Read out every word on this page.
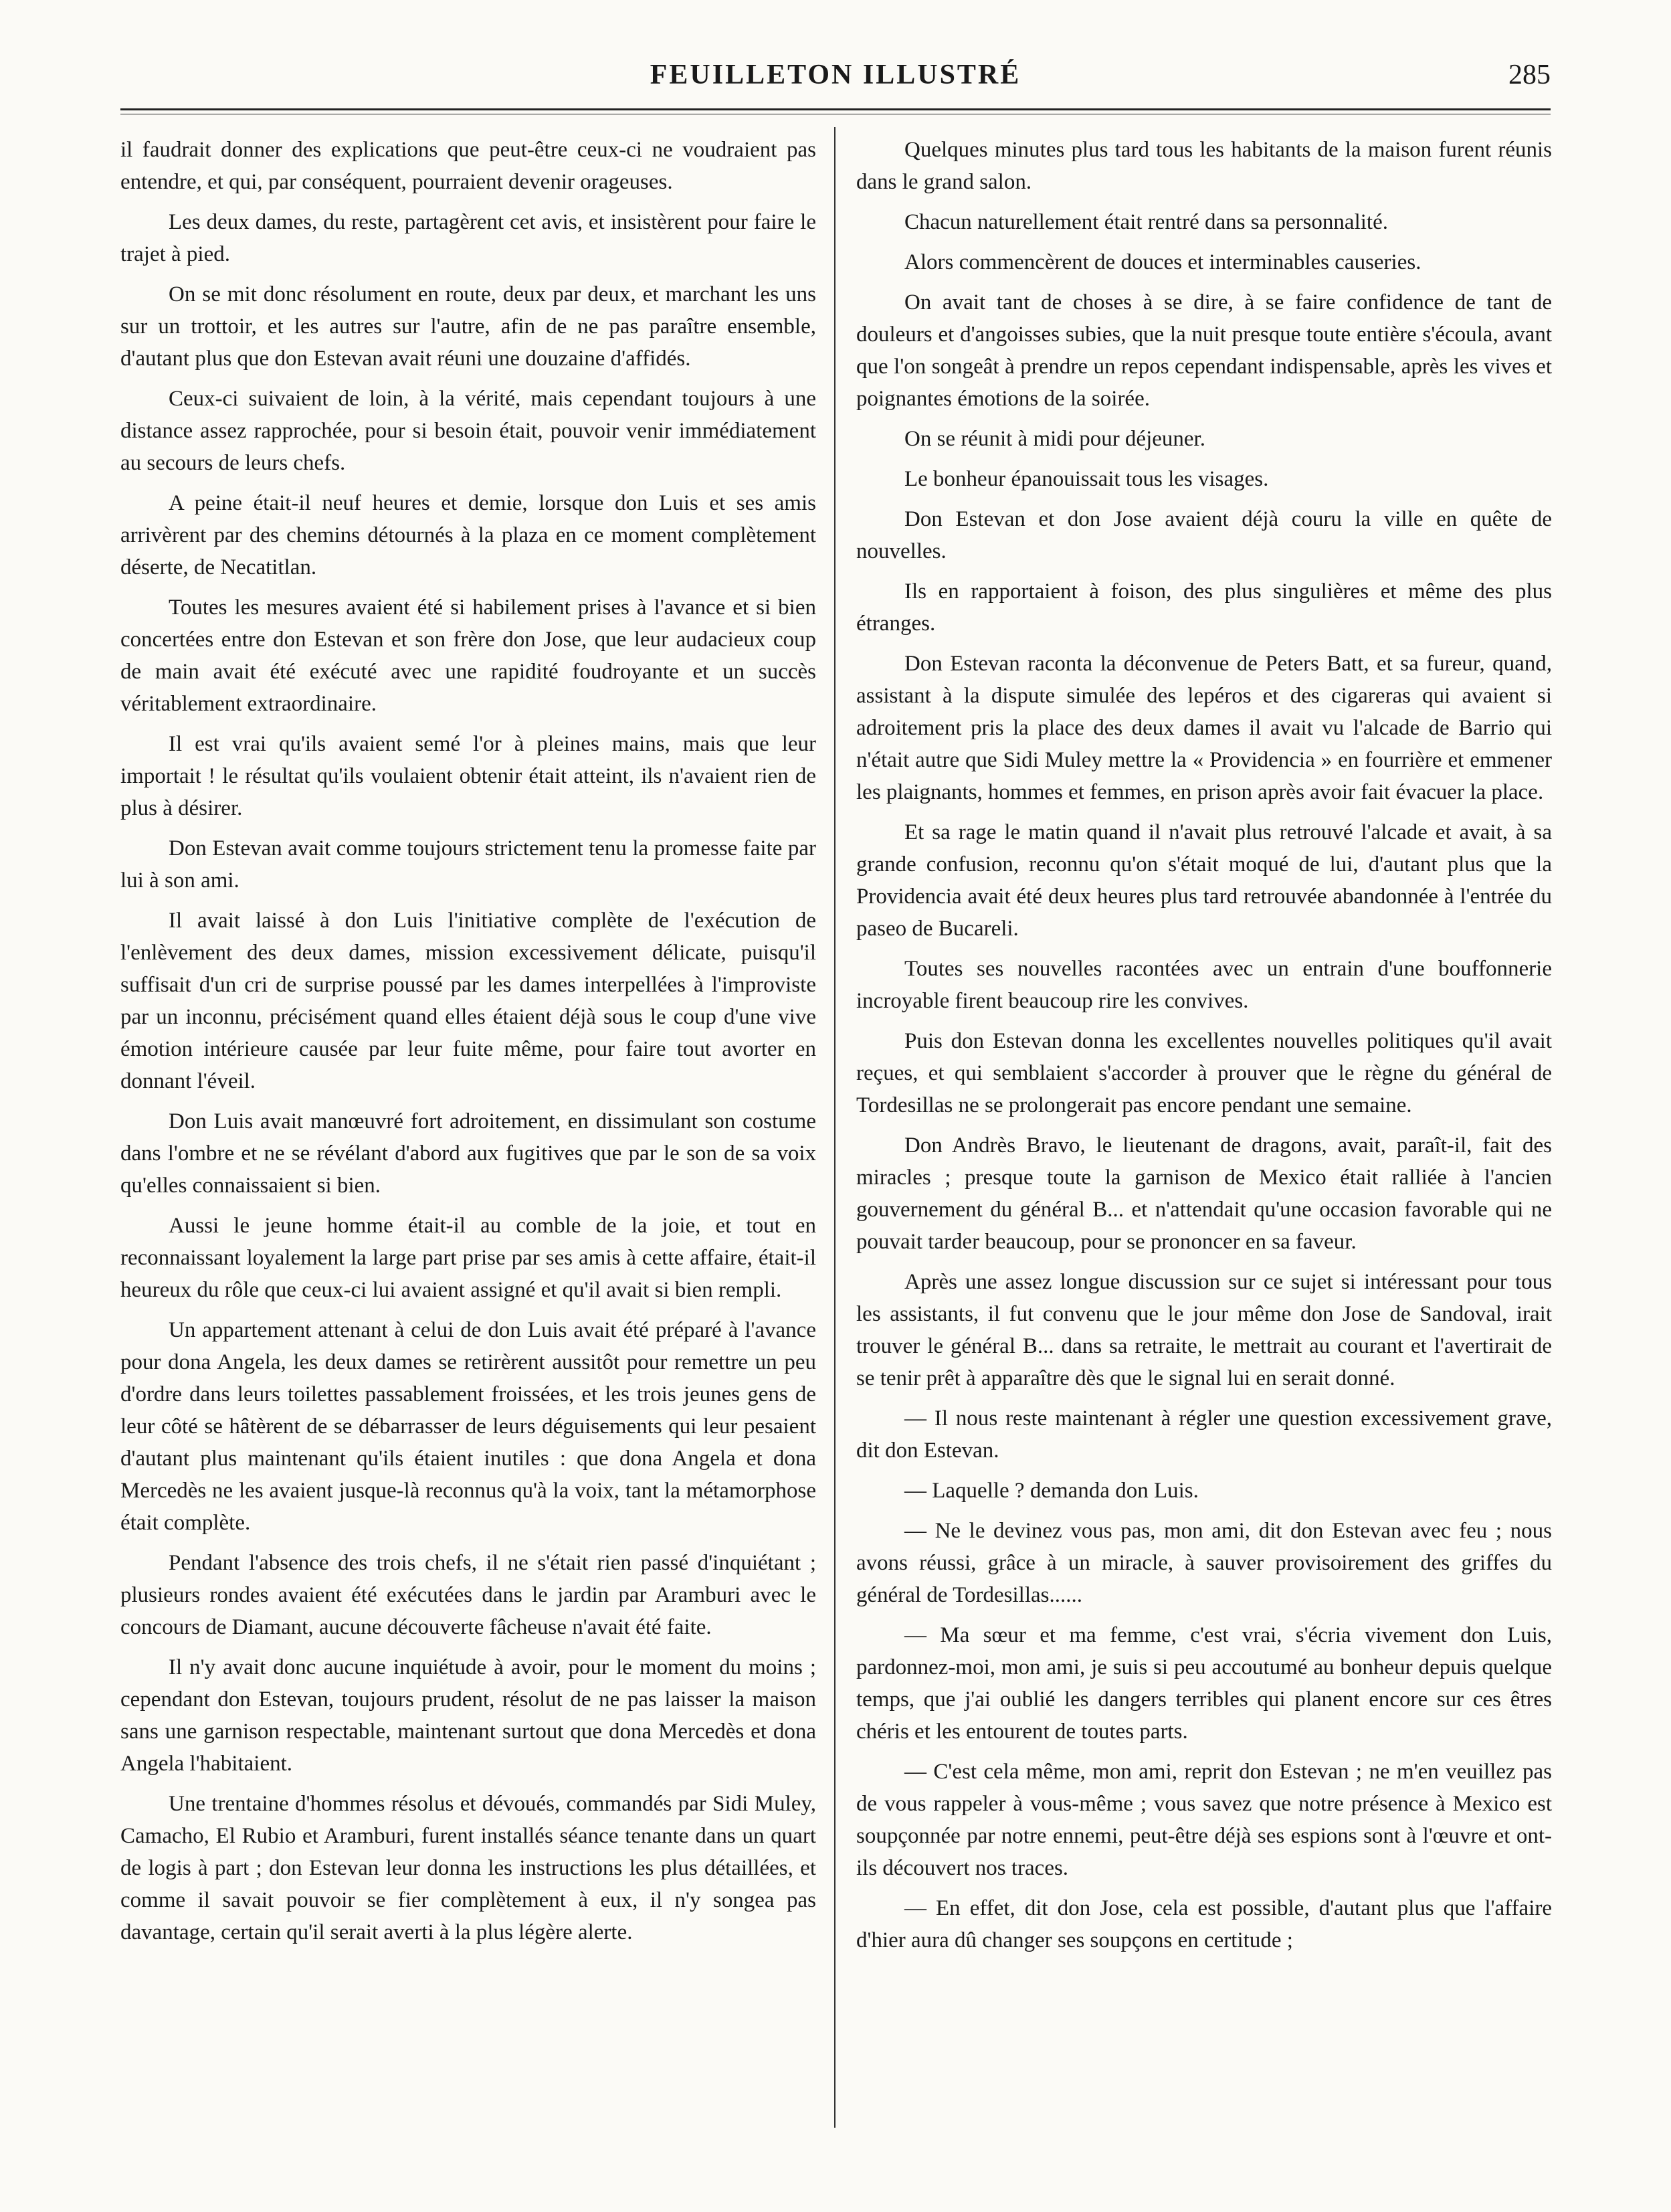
FEUILLETON ILLUSTRÉ	285

il faudrait donner des explications que peut-être ceux-ci ne voudraient pas entendre, et qui, par conséquent, pourraient devenir orageuses.

Les deux dames, du reste, partagèrent cet avis, et insistèrent pour faire le trajet à pied.

On se mit donc résolument en route, deux par deux, et marchant les uns sur un trottoir, et les autres sur l'autre, afin de ne pas paraître ensemble, d'autant plus que don Estevan avait réuni une douzaine d'affidés.

Ceux-ci suivaient de loin, à la vérité, mais cependant toujours à une distance assez rapprochée, pour si besoin était, pouvoir venir immédiatement au secours de leurs chefs.

A peine était-il neuf heures et demie, lorsque don Luis et ses amis arrivèrent par des chemins détournés à la plaza en ce moment complètement déserte, de Necatitlan.

Toutes les mesures avaient été si habilement prises à l'avance et si bien concertées entre don Estevan et son frère don Jose, que leur audacieux coup de main avait été exécuté avec une rapidité foudroyante et un succès véritablement extraordinaire.

Il est vrai qu'ils avaient semé l'or à pleines mains, mais que leur importait ! le résultat qu'ils voulaient obtenir était atteint, ils n'avaient rien de plus à désirer.

Don Estevan avait comme toujours strictement tenu la promesse faite par lui à son ami.

Il avait laissé à don Luis l'initiative complète de l'exécution de l'enlèvement des deux dames, mission excessivement délicate, puisqu'il suffisait d'un cri de surprise poussé par les dames interpellées à l'improviste par un inconnu, précisément quand elles étaient déjà sous le coup d'une vive émotion intérieure causée par leur fuite même, pour faire tout avorter en donnant l'éveil.

Don Luis avait manœuvré fort adroitement, en dissimulant son costume dans l'ombre et ne se révélant d'abord aux fugitives que par le son de sa voix qu'elles connaissaient si bien.

Aussi le jeune homme était-il au comble de la joie, et tout en reconnaissant loyalement la large part prise par ses amis à cette affaire, était-il heureux du rôle que ceux-ci lui avaient assigné et qu'il avait si bien rempli.

Un appartement attenant à celui de don Luis avait été préparé à l'avance pour dona Angela, les deux dames se retirèrent aussitôt pour remettre un peu d'ordre dans leurs toilettes passablement froissées, et les trois jeunes gens de leur côté se hâtèrent de se débarrasser de leurs déguisements qui leur pesaient d'autant plus maintenant qu'ils étaient inutiles : que dona Angela et dona Mercedès ne les avaient jusque-là reconnus qu'à la voix, tant la métamorphose était complète.

Pendant l'absence des trois chefs, il ne s'était rien passé d'inquiétant ; plusieurs rondes avaient été exécutées dans le jardin par Aramburi avec le concours de Diamant, aucune découverte fâcheuse n'avait été faite.

Il n'y avait donc aucune inquiétude à avoir, pour le moment du moins ; cependant don Estevan, toujours prudent, résolut de ne pas laisser la maison sans une garnison respectable, maintenant surtout que dona Mercedès et dona Angela l'habitaient.

Une trentaine d'hommes résolus et dévoués, commandés par Sidi Muley, Camacho, El Rubio et Aramburi, furent installés séance tenante dans un quart de logis à part ; don Estevan leur donna les instructions les plus détaillées, et comme il savait pouvoir se fier complètement à eux, il n'y songea pas davantage, certain qu'il serait averti à la plus légère alerte.

Quelques minutes plus tard tous les habitants de la maison furent réunis dans le grand salon.

Chacun naturellement était rentré dans sa personnalité.

Alors commencèrent de douces et interminables causeries.

On avait tant de choses à se dire, à se faire confidence de tant de douleurs et d'angoisses subies, que la nuit presque toute entière s'écoula, avant que l'on songeât à prendre un repos cependant indispensable, après les vives et poignantes émotions de la soirée.

On se réunit à midi pour déjeuner.

Le bonheur épanouissait tous les visages.

Don Estevan et don Jose avaient déjà couru la ville en quête de nouvelles.

Ils en rapportaient à foison, des plus singulières et même des plus étranges.

Don Estevan raconta la déconvenue de Peters Batt, et sa fureur, quand, assistant à la dispute simulée des lepéros et des cigareras qui avaient si adroitement pris la place des deux dames il avait vu l'alcade de Barrio qui n'était autre que Sidi Muley mettre la « Providencia » en fourrière et emmener les plaignants, hommes et femmes, en prison après avoir fait évacuer la place.

Et sa rage le matin quand il n'avait plus retrouvé l'alcade et avait, à sa grande confusion, reconnu qu'on s'était moqué de lui, d'autant plus que la Providencia avait été deux heures plus tard retrouvée abandonnée à l'entrée du paseo de Bucareli.

Toutes ses nouvelles racontées avec un entrain d'une bouffonnerie incroyable firent beaucoup rire les convives.

Puis don Estevan donna les excellentes nouvelles politiques qu'il avait reçues, et qui semblaient s'accorder à prouver que le règne du général de Tordesillas ne se prolongerait pas encore pendant une semaine.

Don Andrès Bravo, le lieutenant de dragons, avait, paraît-il, fait des miracles ; presque toute la garnison de Mexico était ralliée à l'ancien gouvernement du général B... et n'attendait qu'une occasion favorable qui ne pouvait tarder beaucoup, pour se prononcer en sa faveur.

Après une assez longue discussion sur ce sujet si intéressant pour tous les assistants, il fut convenu que le jour même don Jose de Sandoval, irait trouver le général B... dans sa retraite, le mettrait au courant et l'avertirait de se tenir prêt à apparaître dès que le signal lui en serait donné.

— Il nous reste maintenant à régler une question excessivement grave, dit don Estevan.

— Laquelle ? demanda don Luis.

— Ne le devinez vous pas, mon ami, dit don Estevan avec feu ; nous avons réussi, grâce à un miracle, à sauver provisoirement des griffes du général de Tordesillas......

— Ma sœur et ma femme, c'est vrai, s'écria vivement don Luis, pardonnez-moi, mon ami, je suis si peu accoutumé au bonheur depuis quelque temps, que j'ai oublié les dangers terribles qui planent encore sur ces êtres chéris et les entourent de toutes parts.

— C'est cela même, mon ami, reprit don Estevan ; ne m'en veuillez pas de vous rappeler à vous-même ; vous savez que notre présence à Mexico est soupçonnée par notre ennemi, peut-être déjà ses espions sont à l'œuvre et ont-ils découvert nos traces.

— En effet, dit don Jose, cela est possible, d'autant plus que l'affaire d'hier aura dû changer ses soupçons en certitude ;
